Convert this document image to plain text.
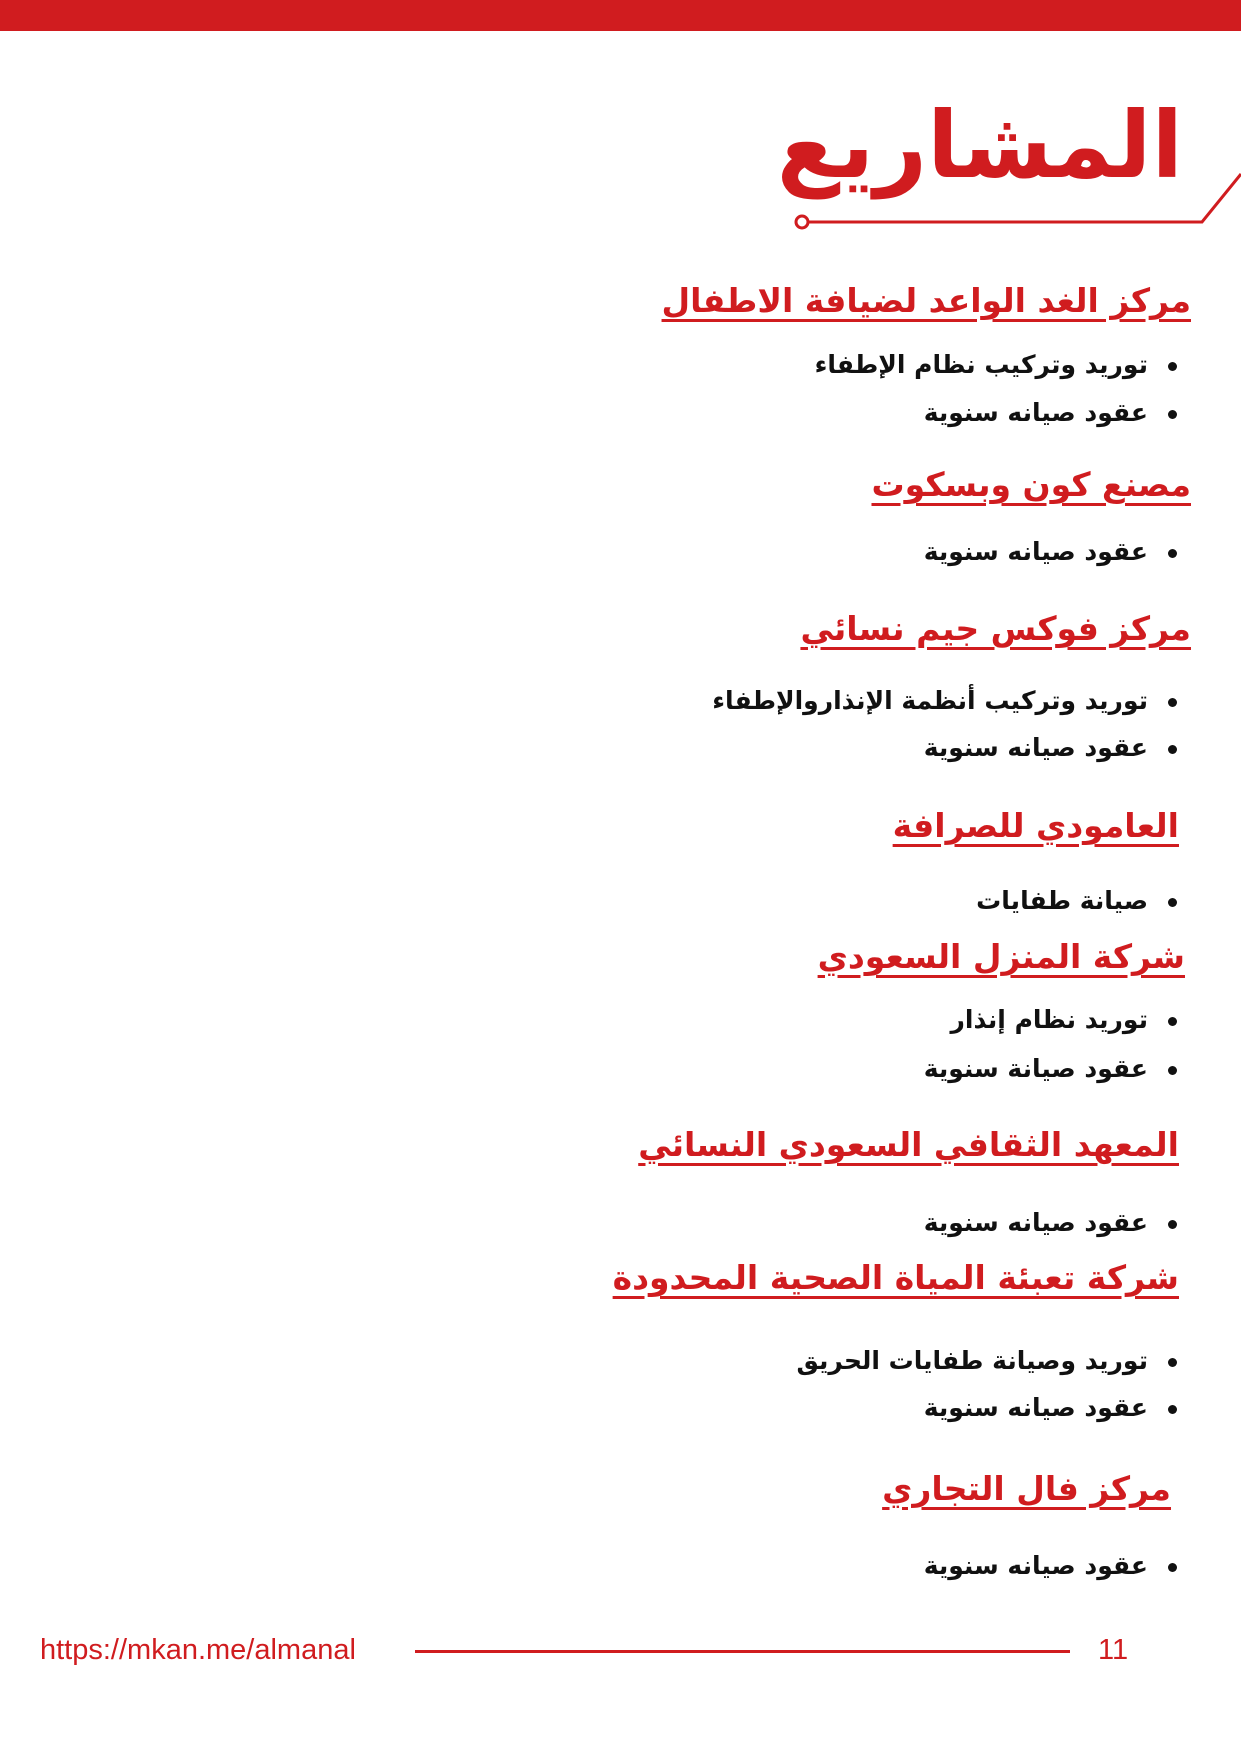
المشاريع
مركز الغد الواعد لضيافة الاطفال
توريد وتركيب نظام الإطفاء
عقود صيانه سنوية
مصنع كون وبسكوت
عقود صيانه سنوية
مركز فوكس جيم نسائي
توريد وتركيب أنظمة الإنذاروالإطفاء
عقود صيانه سنوية
العامودي للصرافة
صيانة طفايات
شركة المنزل السعودي
توريد نظام إنذار
عقود صيانة سنوية
المعهد الثقافي السعودي النسائي
عقود صيانه سنوية
شركة تعبئة المياة الصحية المحدودة
توريد وصيانة طفايات الحريق
عقود صيانه سنوية
مركز فال التجاري
عقود صيانه سنوية
https://mkan.me/almanal	11
